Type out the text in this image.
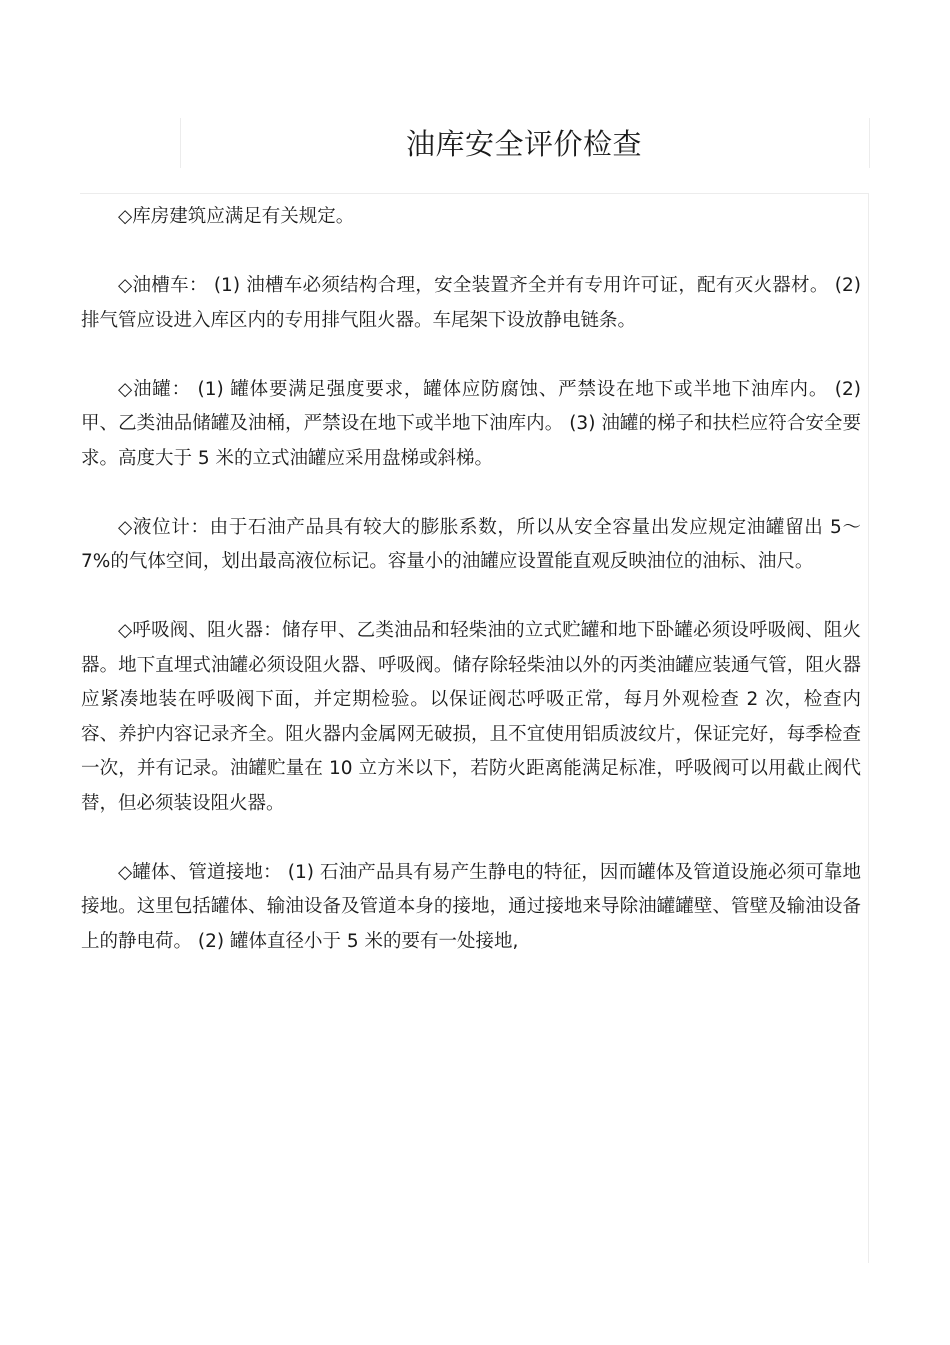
油库安全评价检查

◇库房建筑应满足有关规定。

◇油槽车： (1) 油槽车必须结构合理，安全装置齐全并有专用许可证，配有灭火器材。 (2) 排气管应设进入库区内的专用排气阻火器。车尾架下设放静电链条。

◇油罐： (1) 罐体要满足强度要求，罐体应防腐蚀、严禁设在地下或半地下油库内。 (2) 甲、乙类油品储罐及油桶，严禁设在地下或半地下油库内。 (3) 油罐的梯子和扶栏应符合安全要求。高度大于 5 米的立式油罐应采用盘梯或斜梯。

◇液位计：由于石油产品具有较大的膨胀系数，所以从安全容量出发应规定油罐留出 5～7%的气体空间，划出最高液位标记。容量小的油罐应设置能直观反映油位的油标、油尺。

◇呼吸阀、阻火器：储存甲、乙类油品和轻柴油的立式贮罐和地下卧罐必须设呼吸阀、阻火器。地下直埋式油罐必须设阻火器、呼吸阀。储存除轻柴油以外的丙类油罐应装通气管，阻火器应紧凑地装在呼吸阀下面，并定期检验。以保证阀芯呼吸正常，每月外观检查 2 次，检查内容、养护内容记录齐全。阻火器内金属网无破损，且不宜使用铝质波纹片，保证完好，每季检查一次，并有记录。油罐贮量在 10 立方米以下，若防火距离能满足标准，呼吸阀可以用截止阀代替，但必须装设阻火器。

◇罐体、管道接地： (1) 石油产品具有易产生静电的特征，因而罐体及管道设施必须可靠地接地。这里包括罐体、输油设备及管道本身的接地，通过接地来导除油罐罐壁、管壁及输油设备上的静电荷。 (2) 罐体直径小于 5 米的要有一处接地,
